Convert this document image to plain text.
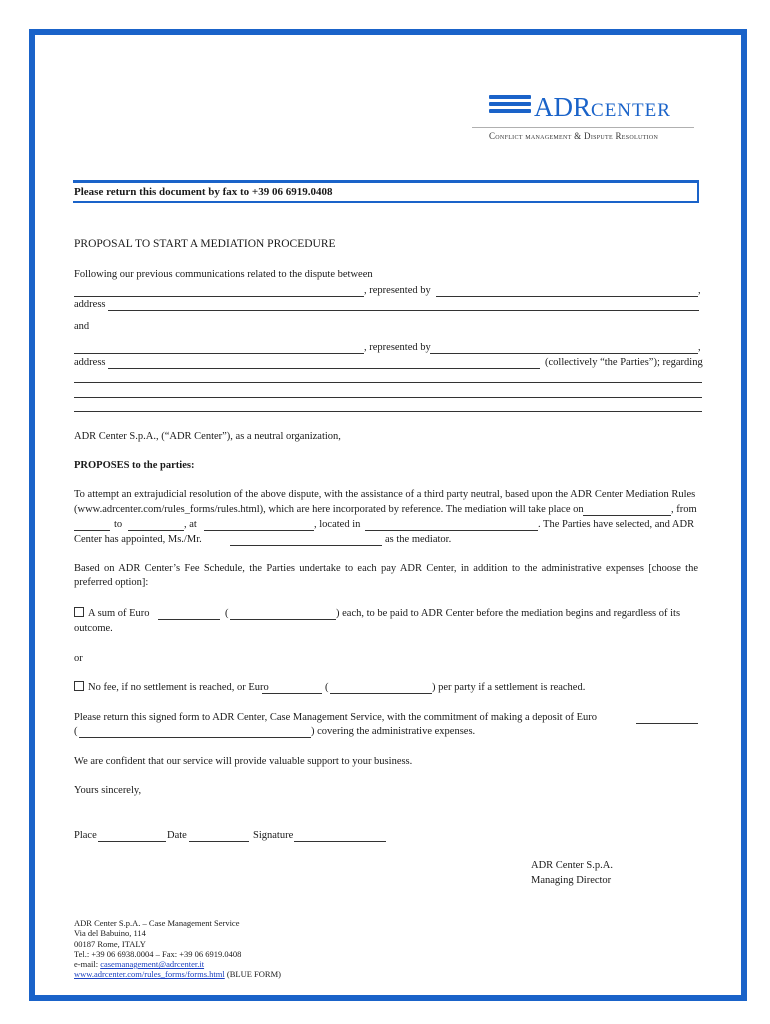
ADRCENTER
Conflict management & Dispute Resolution
Please return this document by fax to +39 06 6919.0408
PROPOSAL TO START A MEDIATION PROCEDURE
Following our previous communications related to the dispute between
, represented by	,
address
and
, represented by	,
address	(collectively “the Parties”); regarding
ADR Center S.p.A., (“ADR Center”), as a neutral organization,
PROPOSES to the parties:
To attempt an extrajudicial resolution of the above dispute, with the assistance of a third party neutral, based upon the ADR Center Mediation Rules
(www.adrcenter.com/rules_forms/rules.html), which are here incorporated by reference. The mediation will take place on	, from
to	, at	, located in	. The Parties have selected, and ADR
Center has appointed, Ms./Mr.	as the mediator.
Based on ADR Center’s Fee Schedule, the Parties undertake to each pay ADR Center, in addition to the administrative expenses [choose the preferred option]:
A sum of Euro	(	) each, to be paid to ADR Center before the mediation begins and regardless of its
outcome.
or
No fee, if no settlement is reached, or Euro	(	) per party if a settlement is reached.
Please return this signed form to ADR Center, Case Management Service, with the commitment of making a deposit of Euro
(	) covering the administrative expenses.
We are confident that our service will provide valuable support to your business.
Yours sincerely,
Place	Date	Signature
ADR Center S.p.A.
Managing Director
ADR Center S.p.A. – Case Management Service
Via del Babuino, 114
00187 Rome, ITALY
Tel.: +39 06 6938.0004 – Fax: +39 06 6919.0408
e-mail: casemanagement@adrcenter.it
www.adrcenter.com/rules_forms/forms.html (BLUE FORM)
